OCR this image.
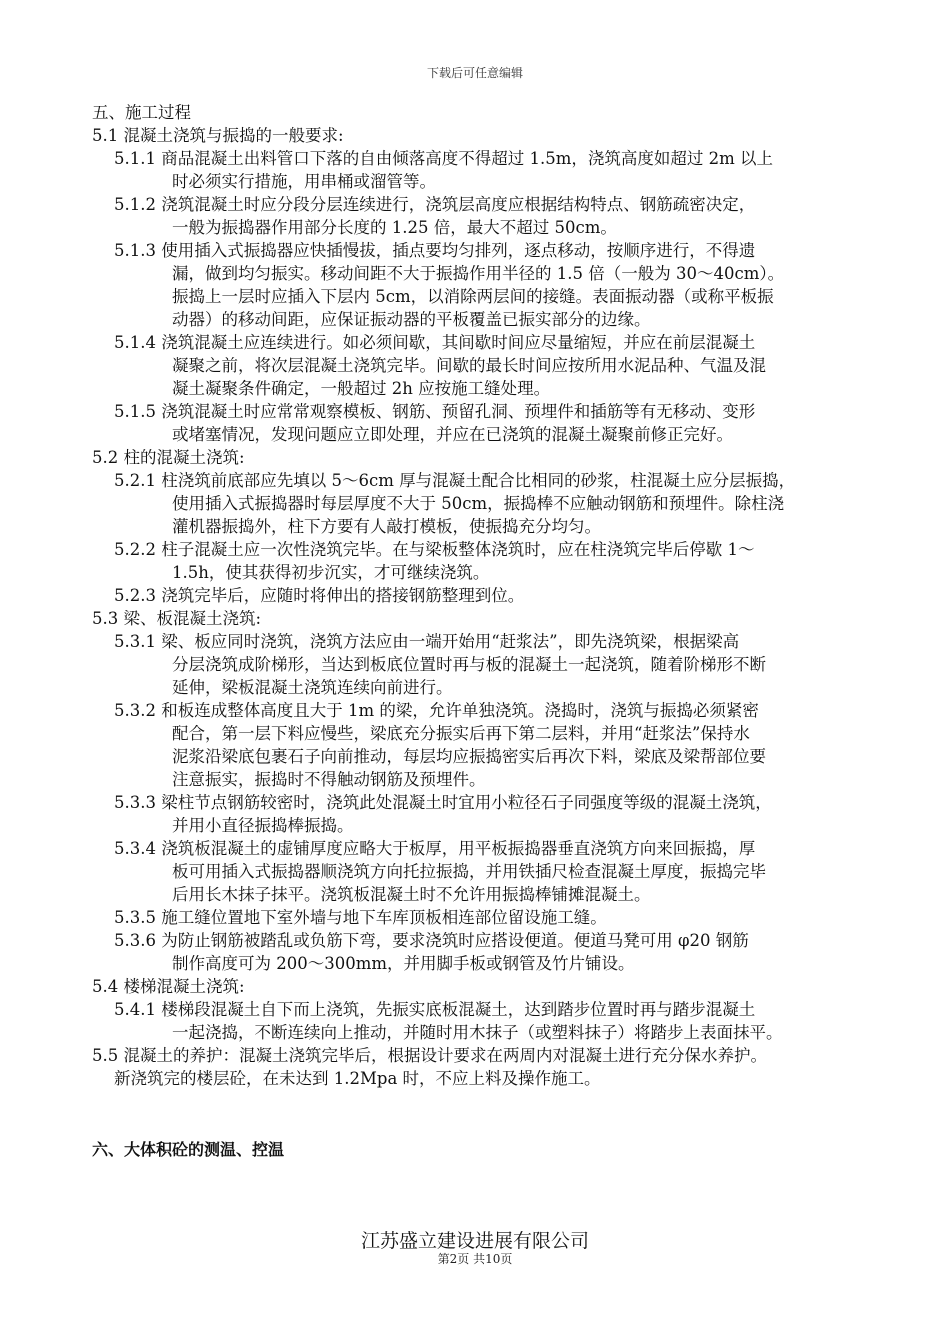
下载后可任意编辑
五、施工过程
5.1 混凝土浇筑与振捣的一般要求:
5.1.1 商品混凝土出料管口下落的自由倾落高度不得超过 1.5m，浇筑高度如超过 2m 以上
时必须实行措施，用串桶或溜管等。
5.1.2 浇筑混凝土时应分段分层连续进行，浇筑层高度应根据结构特点、钢筋疏密决定，
一般为振捣器作用部分长度的 1.25 倍，最大不超过 50cm。
5.1.3 使用插入式振捣器应快插慢拔，插点要均匀排列，逐点移动，按顺序进行，不得遗
漏，做到均匀振实。移动间距不大于振捣作用半径的 1.5 倍（一般为 30～40cm）。
振捣上一层时应插入下层内 5cm，以消除两层间的接缝。表面振动器（或称平板振
动器）的移动间距，应保证振动器的平板覆盖已振实部分的边缘。
5.1.4 浇筑混凝土应连续进行。如必须间歇，其间歇时间应尽量缩短，并应在前层混凝土
凝聚之前，将次层混凝土浇筑完毕。间歇的最长时间应按所用水泥品种、气温及混
凝土凝聚条件确定，一般超过 2h 应按施工缝处理。
5.1.5 浇筑混凝土时应常常观察模板、钢筋、预留孔洞、预埋件和插筋等有无移动、变形
或堵塞情况，发现问题应立即处理，并应在已浇筑的混凝土凝聚前修正完好。
5.2 柱的混凝土浇筑:
5.2.1 柱浇筑前底部应先填以 5～6cm 厚与混凝土配合比相同的砂浆，柱混凝土应分层振捣，
使用插入式振捣器时每层厚度不大于 50cm，振捣棒不应触动钢筋和预埋件。除柱浇
灌机器振捣外，柱下方要有人敲打模板，使振捣充分均匀。
5.2.2 柱子混凝土应一次性浇筑完毕。在与梁板整体浇筑时，应在柱浇筑完毕后停歇 1～
1.5h，使其获得初步沉实，才可继续浇筑。
5.2.3 浇筑完毕后，应随时将伸出的搭接钢筋整理到位。
5.3 梁、板混凝土浇筑:
5.3.1 梁、板应同时浇筑，浇筑方法应由一端开始用“赶浆法”，即先浇筑梁，根据梁高
分层浇筑成阶梯形，当达到板底位置时再与板的混凝土一起浇筑，随着阶梯形不断
延伸，梁板混凝土浇筑连续向前进行。
5.3.2 和板连成整体高度且大于 1m 的梁，允许单独浇筑。浇捣时，浇筑与振捣必须紧密
配合，第一层下料应慢些，梁底充分振实后再下第二层料，并用“赶浆法”保持水
泥浆沿梁底包裹石子向前推动，每层均应振捣密实后再次下料，梁底及梁帮部位要
注意振实，振捣时不得触动钢筋及预埋件。
5.3.3 梁柱节点钢筋较密时，浇筑此处混凝土时宜用小粒径石子同强度等级的混凝土浇筑，
并用小直径振捣棒振捣。
5.3.4 浇筑板混凝土的虚铺厚度应略大于板厚，用平板振捣器垂直浇筑方向来回振捣，厚
板可用插入式振捣器顺浇筑方向托拉振捣，并用铁插尺检查混凝土厚度，振捣完毕
后用长木抹子抹平。浇筑板混凝土时不允许用振捣棒铺摊混凝土。
5.3.5 施工缝位置地下室外墙与地下车库顶板相连部位留设施工缝。
5.3.6 为防止钢筋被踏乱或负筋下弯，要求浇筑时应搭设便道。便道马凳可用 φ20 钢筋
制作高度可为 200～300mm，并用脚手板或钢管及竹片铺设。
5.4 楼梯混凝土浇筑:
5.4.1 楼梯段混凝土自下而上浇筑，先振实底板混凝土，达到踏步位置时再与踏步混凝土
一起浇捣，不断连续向上推动，并随时用木抹子（或塑料抹子）将踏步上表面抹平。
5.5 混凝土的养护：混凝土浇筑完毕后，根据设计要求在两周内对混凝土进行充分保水养护。
新浇筑完的楼层砼，在未达到 1.2Mpa 时，不应上料及操作施工。
六、大体积砼的测温、控温
江苏盛立建设进展有限公司
第2页 共10页
